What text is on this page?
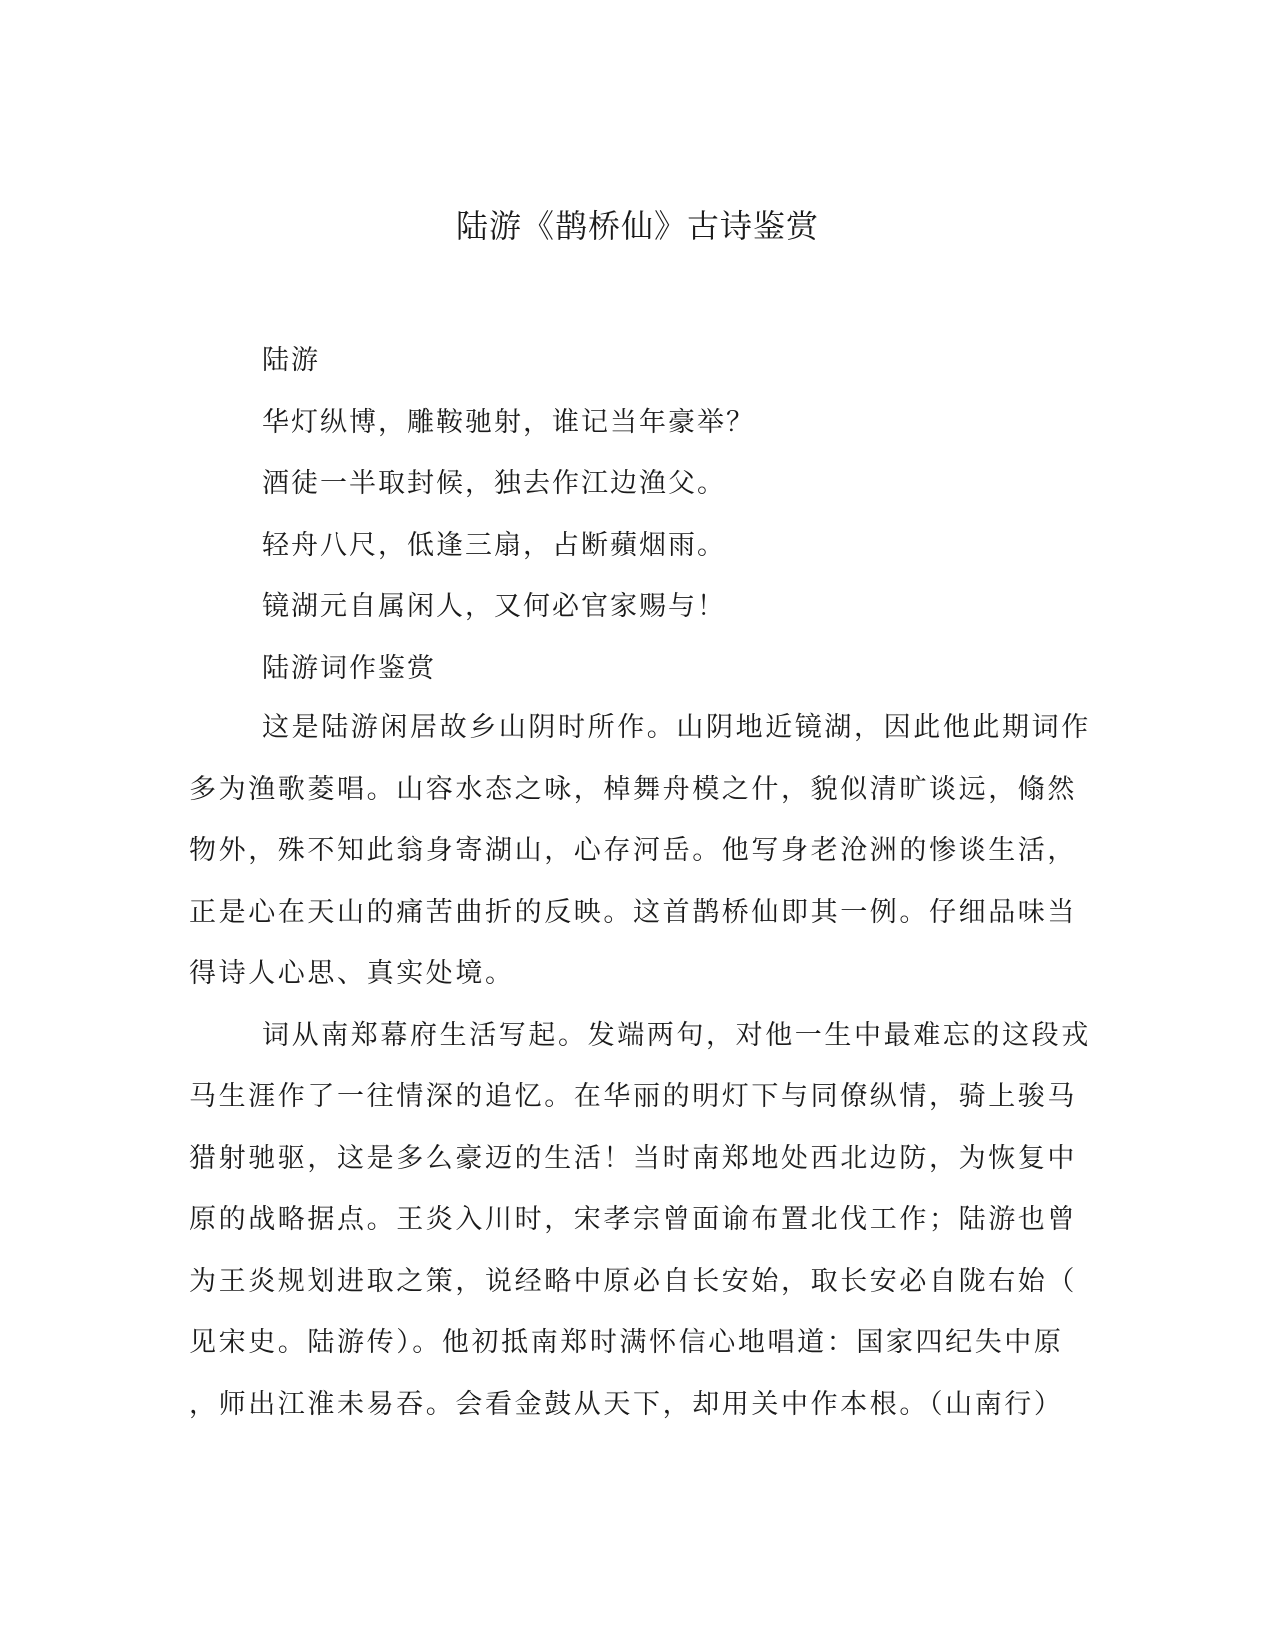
陆游《鹊桥仙》古诗鉴赏

陆游

华灯纵博，雕鞍驰射，谁记当年豪举？

酒徒一半取封候，独去作江边渔父。

轻舟八尺，低逢三扇，占断蘋烟雨。

镜湖元自属闲人，又何必官家赐与！

陆游词作鉴赏

这是陆游闲居故乡山阴时所作。山阴地近镜湖，因此他此期词作
多为渔歌菱唱。山容水态之咏，棹舞舟模之什，貌似清旷谈远，翛然
物外，殊不知此翁身寄湖山，心存河岳。他写身老沧洲的惨谈生活，
正是心在天山的痛苦曲折的反映。这首鹊桥仙即其一例。仔细品味当
得诗人心思、真实处境。

词从南郑幕府生活写起。发端两句，对他一生中最难忘的这段戎
马生涯作了一往情深的追忆。在华丽的明灯下与同僚纵情，骑上骏马
猎射驰驱，这是多么豪迈的生活！当时南郑地处西北边防，为恢复中
原的战略据点。王炎入川时，宋孝宗曾面谕布置北伐工作；陆游也曾
为王炎规划进取之策，说经略中原必自长安始，取长安必自陇右始（
见宋史。陆游传）。他初抵南郑时满怀信心地唱道：国家四纪失中原
，师出江淮未易吞。会看金鼓从天下，却用关中作本根。（山南行）
